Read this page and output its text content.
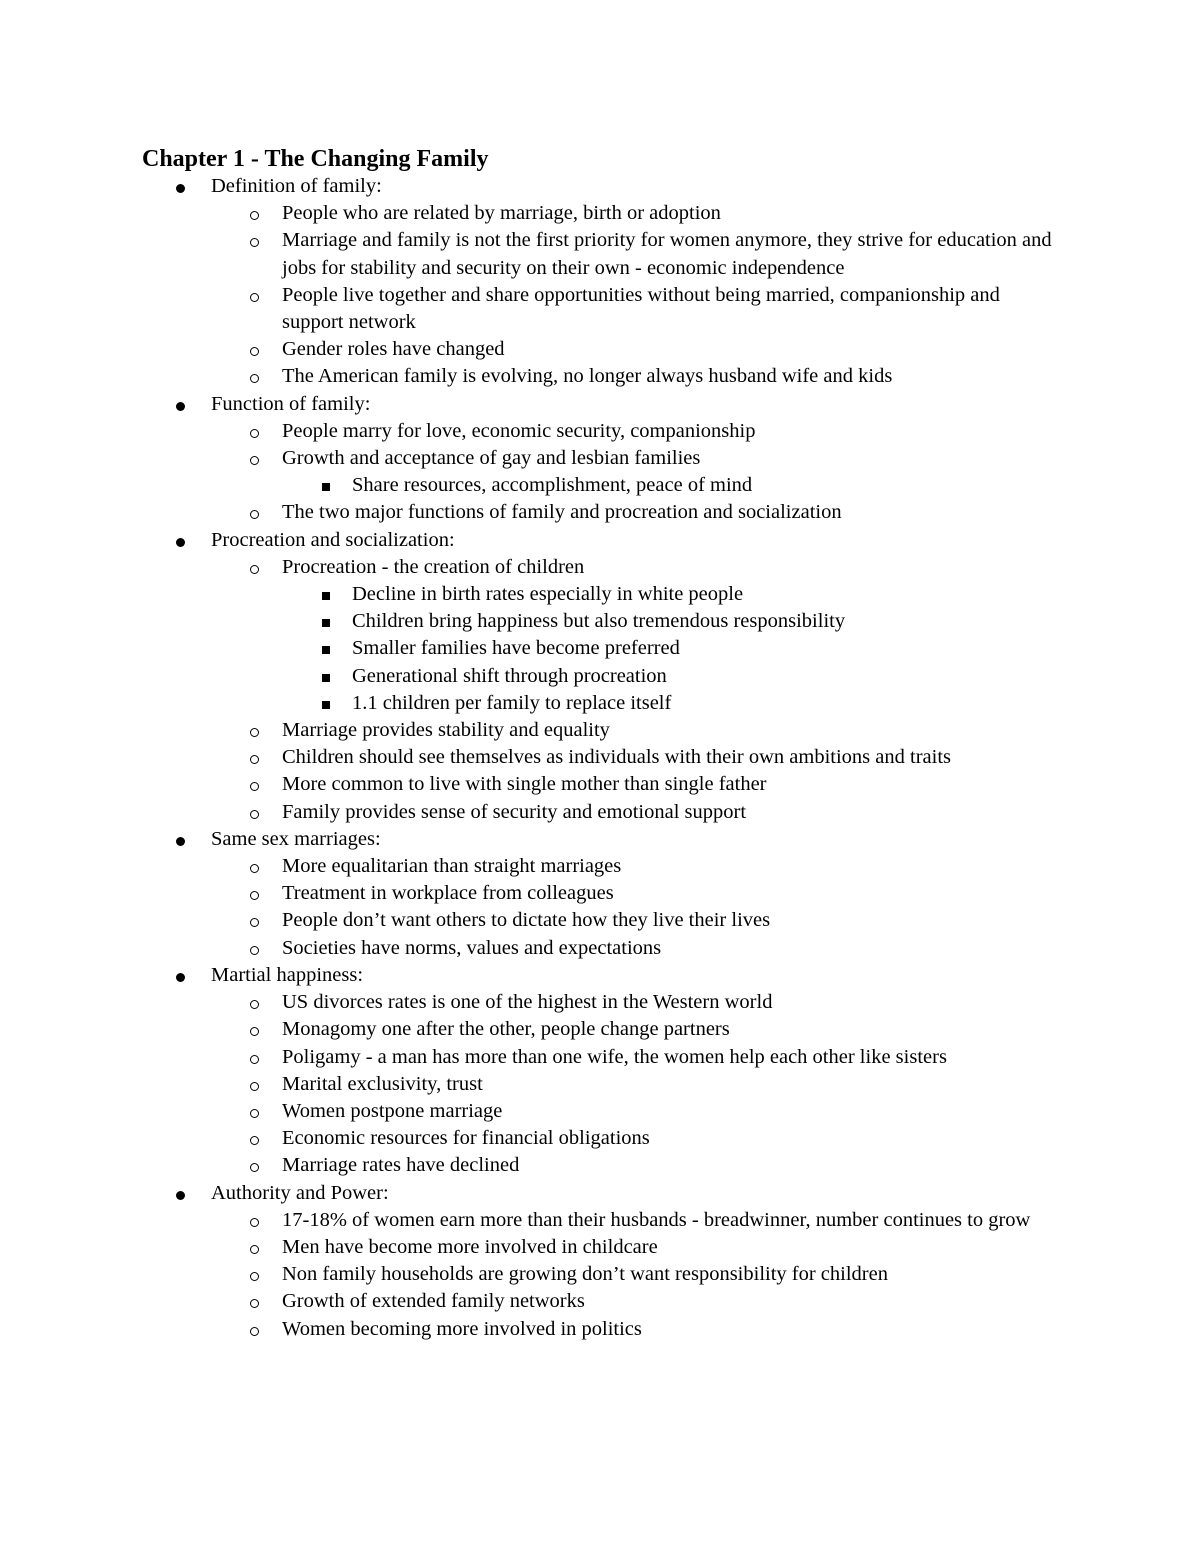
Chapter 1 - The Changing Family
Definition of family:
People who are related by marriage, birth or adoption
Marriage and family is not the first priority for women anymore, they strive for education and jobs for stability and security on their own - economic independence
People live together and share opportunities without being married, companionship and support network
Gender roles have changed
The American family is evolving, no longer always husband wife and kids
Function of family:
People marry for love, economic security, companionship
Growth and acceptance of gay and lesbian families
Share resources, accomplishment, peace of mind
The two major functions of family and procreation and socialization
Procreation and socialization:
Procreation - the creation of children
Decline in birth rates especially in white people
Children bring happiness but also tremendous responsibility
Smaller families have become preferred
Generational shift through procreation
1.1 children per family to replace itself
Marriage provides stability and equality
Children should see themselves as individuals with their own ambitions and traits
More common to live with single mother than single father
Family provides sense of security and emotional support
Same sex marriages:
More equalitarian than straight marriages
Treatment in workplace from colleagues
People don’t want others to dictate how they live their lives
Societies have norms, values and expectations
Martial happiness:
US divorces rates is one of the highest in the Western world
Monagomy one after the other, people change partners
Poligamy - a man has more than one wife, the women help each other like sisters
Marital exclusivity, trust
Women postpone marriage
Economic resources for financial obligations
Marriage rates have declined
Authority and Power:
17-18% of women earn more than their husbands - breadwinner, number continues to grow
Men have become more involved in childcare
Non family households are growing don’t want responsibility for children
Growth of extended family networks
Women becoming more involved in politics
